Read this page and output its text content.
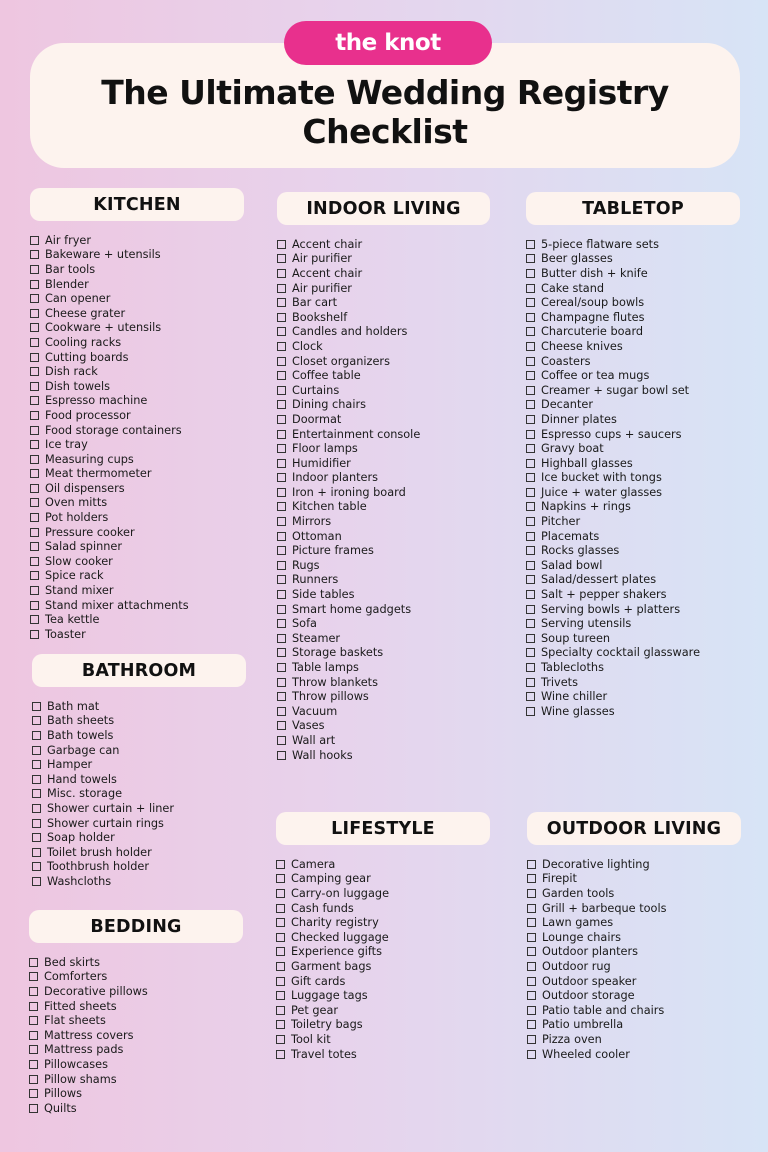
the knot
The Ultimate Wedding Registry Checklist
KITCHEN
Air fryer
Bakeware + utensils
Bar tools
Blender
Can opener
Cheese grater
Cookware + utensils
Cooling racks
Cutting boards
Dish rack
Dish towels
Espresso machine
Food processor
Food storage containers
Ice tray
Measuring cups
Meat thermometer
Oil dispensers
Oven mitts
Pot holders
Pressure cooker
Salad spinner
Slow cooker
Spice rack
Stand mixer
Stand mixer attachments
Tea kettle
Toaster
BATHROOM
Bath mat
Bath sheets
Bath towels
Garbage can
Hamper
Hand towels
Misc. storage
Shower curtain + liner
Shower curtain rings
Soap holder
Toilet brush holder
Toothbrush holder
Washcloths
BEDDING
Bed skirts
Comforters
Decorative pillows
Fitted sheets
Flat sheets
Mattress covers
Mattress pads
Pillowcases
Pillow shams
Pillows
Quilts
INDOOR LIVING
Accent chair
Air purifier
Accent chair
Air purifier
Bar cart
Bookshelf
Candles and holders
Clock
Closet organizers
Coffee table
Curtains
Dining chairs
Doormat
Entertainment console
Floor lamps
Humidifier
Indoor planters
Iron + ironing board
Kitchen table
Mirrors
Ottoman
Picture frames
Rugs
Runners
Side tables
Smart home gadgets
Sofa
Steamer
Storage baskets
Table lamps
Throw blankets
Throw pillows
Vacuum
Vases
Wall art
Wall hooks
LIFESTYLE
Camera
Camping gear
Carry-on luggage
Cash funds
Charity registry
Checked luggage
Experience gifts
Garment bags
Gift cards
Luggage tags
Pet gear
Toiletry bags
Tool kit
Travel totes
TABLETOP
5-piece flatware sets
Beer glasses
Butter dish + knife
Cake stand
Cereal/soup bowls
Champagne flutes
Charcuterie board
Cheese knives
Coasters
Coffee or tea mugs
Creamer + sugar bowl set
Decanter
Dinner plates
Espresso cups + saucers
Gravy boat
Highball glasses
Ice bucket with tongs
Juice + water glasses
Napkins + rings
Pitcher
Placemats
Rocks glasses
Salad bowl
Salad/dessert plates
Salt + pepper shakers
Serving bowls + platters
Serving utensils
Soup tureen
Specialty cocktail glassware
Tablecloths
Trivets
Wine chiller
Wine glasses
OUTDOOR LIVING
Decorative lighting
Firepit
Garden tools
Grill + barbeque tools
Lawn games
Lounge chairs
Outdoor planters
Outdoor rug
Outdoor speaker
Outdoor storage
Patio table and chairs
Patio umbrella
Pizza oven
Wheeled cooler
